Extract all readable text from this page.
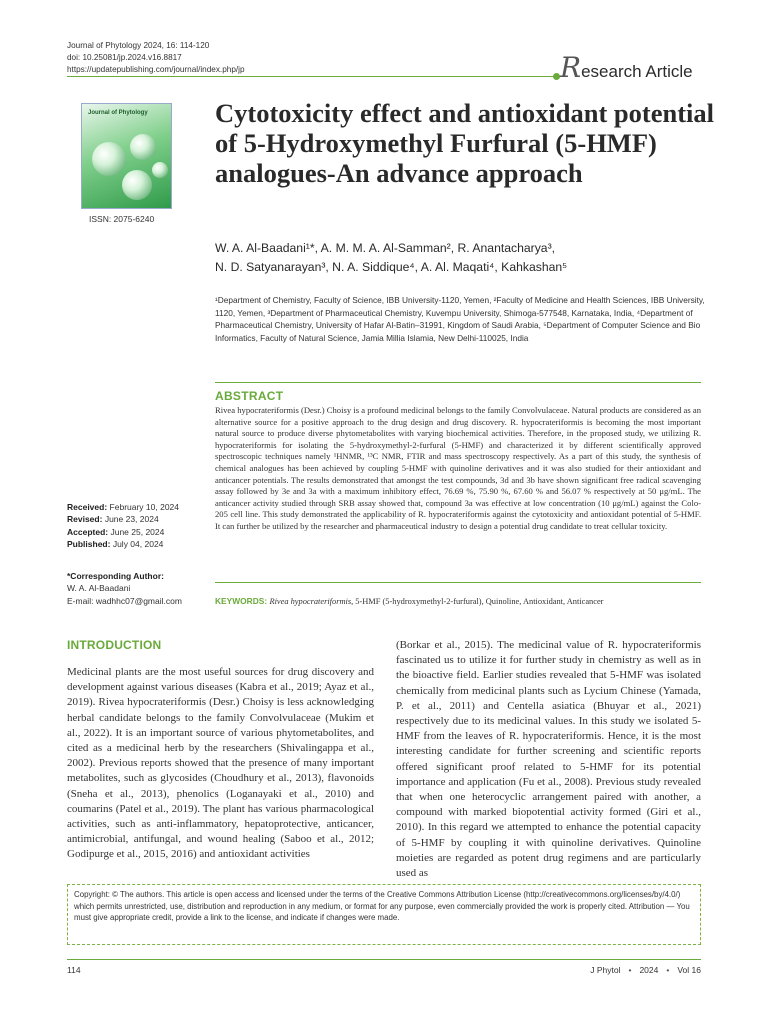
Journal of Phytology 2024, 16: 114-120
doi: 10.25081/jp.2024.v16.8817
https://updatepublishing.com/journal/index.php/jp	Research Article
Journal of Phytology
ISSN: 2075-6240
Cytotoxicity effect and antioxidant potential of 5-Hydroxymethyl Furfural (5-HMF) analogues-An advance approach
W. A. Al-Baadani¹*, A. M. M. A. Al-Samman², R. Anantacharya³,
N. D. Satyanarayan³, N. A. Siddique⁴, A. Al. Maqati⁴, Kahkashan⁵
¹Department of Chemistry, Faculty of Science, IBB University-1120, Yemen, ²Faculty of Medicine and Health Sciences, IBB University, 1120, Yemen, ³Department of Pharmaceutical Chemistry, Kuvempu University, Shimoga-577548, Karnataka, India, ⁴Department of Pharmaceutical Chemistry, University of Hafar Al-Batin–31991, Kingdom of Saudi Arabia, ⁵Department of Computer Science and Bio Informatics, Faculty of Natural Science, Jamia Millia Islamia, New Delhi-110025, India
ABSTRACT
Rivea hypocrateriformis (Desr.) Choisy is a profound medicinal belongs to the family Convolvulaceae. Natural products are considered as an alternative source for a positive approach to the drug design and drug discovery. R. hypocrateriformis is becoming the most important natural source to produce diverse phytometabolites with varying biochemical activities. Therefore, in the proposed study, we utilizing R. hypocrateriformis for isolating the 5-hydroxymethyl-2-furfural (5-HMF) and characterized it by different scientifically approved spectroscopic techniques namely ¹HNMR, ¹³C NMR, FTIR and mass spectroscopy respectively. As a part of this study, the synthesis of chemical analogues has been achieved by coupling 5-HMF with quinoline derivatives and it was also studied for their antioxidant and anticancer potentials. The results demonstrated that amongst the test compounds, 3d and 3b have shown significant free radical scavenging assay followed by 3e and 3a with a maximum inhibitory effect, 76.69 %, 75.90 %, 67.60 % and 56.07 % respectively at 50 μg/mL. The anticancer activity studied through SRB assay showed that, compound 3a was effective at low concentration (10 μg/mL) against the Colo-205 cell line. This study demonstrated the applicability of R. hypocrateriformis against the cytotoxicity and antioxidant potential of 5-HMF. It can further be utilized by the researcher and pharmaceutical industry to design a potential drug candidate to treat cellular toxicity.
KEYWORDS: Rivea hypocrateriformis, 5-HMF (5-hydroxymethyl-2-furfural), Quinoline, Antioxidant, Anticancer
Received: February 10, 2024
Revised: June 23, 2024
Accepted: June 25, 2024
Published: July 04, 2024
*Corresponding Author:
W. A. Al-Baadani
E-mail: wadhhc07@gmail.com
INTRODUCTION
Medicinal plants are the most useful sources for drug discovery and development against various diseases (Kabra et al., 2019; Ayaz et al., 2019). Rivea hypocrateriformis (Desr.) Choisy is less acknowledging herbal candidate belongs to the family Convolvulaceae (Mukim et al., 2022). It is an important source of various phytometabolites, and cited as a medicinal herb by the researchers (Shivalingappa et al., 2002). Previous reports showed that the presence of many important metabolites, such as glycosides (Choudhury et al., 2013), flavonoids (Sneha et al., 2013), phenolics (Loganayaki et al., 2010) and coumarins (Patel et al., 2019). The plant has various pharmacological activities, such as anti-inflammatory, hepatoprotective, anticancer, antimicrobial, antifungal, and wound healing (Saboo et al., 2012; Godipurge et al., 2015, 2016) and antioxidant activities
(Borkar et al., 2015). The medicinal value of R. hypocrateriformis fascinated us to utilize it for further study in chemistry as well as in the bioactive field. Earlier studies revealed that 5-HMF was isolated chemically from medicinal plants such as Lycium Chinese (Yamada, P. et al., 2011) and Centella asiatica (Bhuyar et al., 2021) respectively due to its medicinal values. In this study we isolated 5-HMF from the leaves of R. hypocrateriformis. Hence, it is the most interesting candidate for further screening and scientific reports offered significant proof related to 5-HMF for its potential importance and application (Fu et al., 2008). Previous study revealed that when one heterocyclic arrangement paired with another, a compound with marked biopotential activity formed (Giri et al., 2010). In this regard we attempted to enhance the potential capacity of 5-HMF by coupling it with quinoline derivatives. Quinoline moieties are regarded as potent drug regimens and are particularly used as
Copyright: © The authors. This article is open access and licensed under the terms of the Creative Commons Attribution License (http://creativecommons.org/licenses/by/4.0/) which permits unrestricted, use, distribution and reproduction in any medium, or format for any purpose, even commercially provided the work is properly cited. Attribution — You must give appropriate credit, provide a link to the license, and indicate if changes were made.
114	J Phytol • 2024 • Vol 16
